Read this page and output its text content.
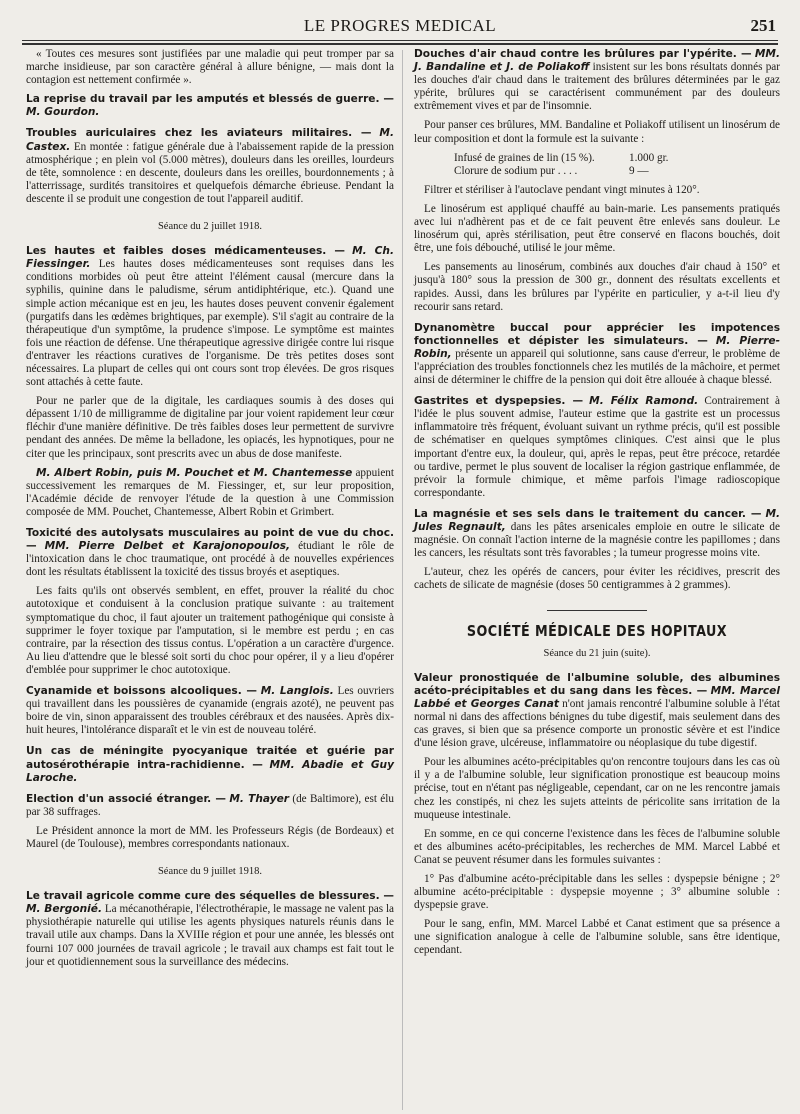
LE PROGRES MEDICAL	251

« Toutes ces mesures sont justifiées par une maladie qui peut tromper par sa marche insidieuse, par son caractère général à allure bénigne, — mais dont la contagion est nettement confirmée ».

La reprise du travail par les amputés et blessés de guerre. — M. Gourdon.
Troubles auriculaires chez les aviateurs militaires. — M. Castex. En montée : fatigue générale due à l'abaissement rapide de la pression atmosphérique ; en plein vol (5.000 mètres), douleurs dans les oreilles, lourdeurs de tête, somnolence : en descente, douleurs dans les oreilles, bourdonnements ; à l'atterrissage, surdités transitoires et quelquefois démarche ébrieuse. Pendant la descente il se produit une congestion de tout l'appareil auditif.
Séance du 2 juillet 1918.

Les hautes et faibles doses médicamenteuses. — M. Ch. Fiessinger. Les hautes doses médicamenteuses sont requises dans les conditions morbides où peut être atteint l'élément causal (mercure dans la syphilis, quinine dans le paludisme, sérum antidiphtérique, etc.). Quand une simple action mécanique est en jeu, les hautes doses peuvent convenir également (purgatifs dans les œdèmes brightiques, par exemple). S'il s'agit au contraire de la thérapeutique d'un symptôme, la prudence s'impose. Le symptôme est maintes fois une réaction de défense. Une thérapeutique agressive dirigée contre lui risque d'entraver les réactions curatives de l'organisme. De très petites doses sont nécessaires. La plupart de celles qui ont cours sont trop élevées. De gros risques sont attachés à cette faute.

Pour ne parler que de la digitale, les cardiaques soumis à des doses qui dépassent 1/10 de milligramme de digitaline par jour voient rapidement leur cœur fléchir d'une manière définitive. De très faibles doses leur permettent de survivre pendant des années. De même la belladone, les opiacés, les hypnotiques, pour ne citer que les principaux, sont prescrits avec un abus de dose manifeste.

M. Albert Robin, puis M. Pouchet et M. Chantemesse appuient successivement les remarques de M. Fiessinger, et, sur leur proposition, l'Académie décide de renvoyer l'étude de la question à une Commission composée de MM. Pouchet, Chantemesse, Albert Robin et Grimbert.

Toxicité des autolysats musculaires au point de vue du choc. — MM. Pierre Delbet et Karajonopoulos, étudiant le rôle de l'intoxication dans le choc traumatique, ont procédé à de nouvelles expériences dont les résultats établissent la toxicité des tissus broyés et aseptiques.

Les faits qu'ils ont observés semblent, en effet, prouver la réalité du choc autotoxique et conduisent à la conclusion pratique suivante : au traitement symptomatique du choc, il faut ajouter un traitement pathogénique qui consiste à supprimer le foyer toxique par l'amputation, si le membre est perdu ; en cas contraire, par la résection des tissus contus. L'opération a un caractère d'urgence. Au lieu d'attendre que le blessé soit sorti du choc pour opérer, il y a lieu d'opérer d'emblée pour supprimer le choc autotoxique.

Cyanamide et boissons alcooliques. — M. Langlois. Les ouvriers qui travaillent dans les poussières de cyanamide (engrais azoté), ne peuvent pas boire de vin, sinon apparaissent des troubles cérébraux et des nausées. Après dix-huit heures, l'intolérance disparaît et le vin est de nouveau toléré.
Un cas de méningite pyocyanique traitée et guérie par autosérothérapie intra-rachidienne. — MM. Abadie et Guy Laroche.

Election d'un associé étranger. — M. Thayer (de Baltimore), est élu par 38 suffrages.

Le Président annonce la mort de MM. les Professeurs Régis (de Bordeaux) et Maurel (de Toulouse), membres correspondants nationaux.

Séance du 9 juillet 1918.
Le travail agricole comme cure des séquelles de blessures. — M. Bergonié. La mécanothérapie, l'électrothérapie, le massage ne valent pas la physiothérapie naturelle qui utilise les agents physiques naturels réunis dans le travail utile aux champs. Dans la XVIIIe région et pour une année, les blessés ont fourni 107 000 journées de travail agricole ; le travail aux champs est fait tout le jour et quotidiennement sous la surveillance des médecins.

Douches d'air chaud contre les brûlures par l'ypérite. — MM. J. Bandaline et J. de Poliakoff insistent sur les bons résultats donnés par les douches d'air chaud dans le traitement des brûlures déterminées par le gaz ypérite, brûlures qui se caractérisent communément par des douleurs extrêmement vives et par de l'insomnie.

Pour panser ces brûlures, MM. Bandaline et Poliakoff utilisent un linosérum de leur composition et dont la formule est la suivante :

Infusé de graines de lin (15 %).	1.000 gr.
Clorure de sodium pur . . . .	9 —

Filtrer et stériliser à l'autoclave pendant vingt minutes à 120°.

Le linosérum est appliqué chauffé au bain-marie. Les pansements pratiqués avec lui n'adhèrent pas et de ce fait peuvent être enlevés sans douleur. Le linosérum qui, après stérilisation, peut être conservé en flacons bouchés, doit être, une fois débouché, utilisé le jour même.

Les pansements au linosérum, combinés aux douches d'air chaud à 150° et jusqu'à 180° sous la pression de 300 gr., donnent des résultats excellents et rapides. Aussi, dans les brûlures par l'ypérite en particulier, y a-t-il lieu d'y recourir sans retard.

Dynanomètre buccal pour apprécier les impotences fonctionnelles et dépister les simulateurs. — M. Pierre-Robin, présente un appareil qui solutionne, sans cause d'erreur, le problème de l'appréciation des troubles fonctionnels chez les mutilés de la mâchoire, et permet ainsi de déterminer le chiffre de la pension qui doit être allouée à chaque blessé.
Gastrites et dyspepsies. — M. Félix Ramond. Contrairement à l'idée le plus souvent admise, l'auteur estime que la gastrite est un processus inflammatoire très fréquent, évoluant suivant un rythme précis, qu'il est possible de schématiser en quelques symptômes cliniques. C'est ainsi que le plus important d'entre eux, la douleur, qui, après le repas, peut être précoce, retardée ou tardive, permet le plus souvent de localiser la région gastrique enflammée, de prévoir la formule chimique, et même parfois l'image radioscopique correspondante.

La magnésie et ses sels dans le traitement du cancer. — M. Jules Regnault, dans les pâtes arsenicales emploie en outre le silicate de magnésie. On connaît l'action interne de la magnésie contre les papillomes ; dans les cancers, les résultats sont très favorables ; la tumeur progresse moins vite.

L'auteur, chez les opérés de cancers, pour éviter les récidives, prescrit des cachets de silicate de magnésie (doses 50 centigrammes à 2 grammes).

SOCIÉTÉ MÉDICALE DES HOPITAUX
Séance du 21 juin (suite).

Valeur pronostiquée de l'albumine soluble, des albumines acéto-précipitables et du sang dans les fèces. — MM. Marcel Labbé et Georges Canat n'ont jamais rencontré l'albumine soluble à l'état normal ni dans des affections bénignes du tube digestif, mais seulement dans des cas graves, si bien que sa présence comporte un pronostic sévère et est l'indice d'une lésion grave, ulcéreuse, inflammatoire ou néoplasique du tube digestif.

Pour les albumines acéto-précipitables qu'on rencontre toujours dans les cas où il y a de l'albumine soluble, leur signification pronostique est beaucoup moins précise, tout en n'étant pas négligeable, cependant, car on ne les rencontre jamais chez les constipés, ni chez les sujets atteints de péricolite sans irritation de la muqueuse intestinale.

En somme, en ce qui concerne l'existence dans les fèces de l'albumine soluble et des albumines acéto-précipitables, les recherches de MM. Marcel Labbé et Canat se peuvent résumer dans les formules suivantes :

1° Pas d'albumine acéto-précipitable dans les selles : dyspepsie bénigne ; 2° albumine acéto-précipitable : dyspepsie moyenne ; 3° albumine soluble : dyspepsie grave.

Pour le sang, enfin, MM. Marcel Labbé et Canat estiment que sa présence a une signification analogue à celle de l'albumine soluble, sans être identique, cependant.
